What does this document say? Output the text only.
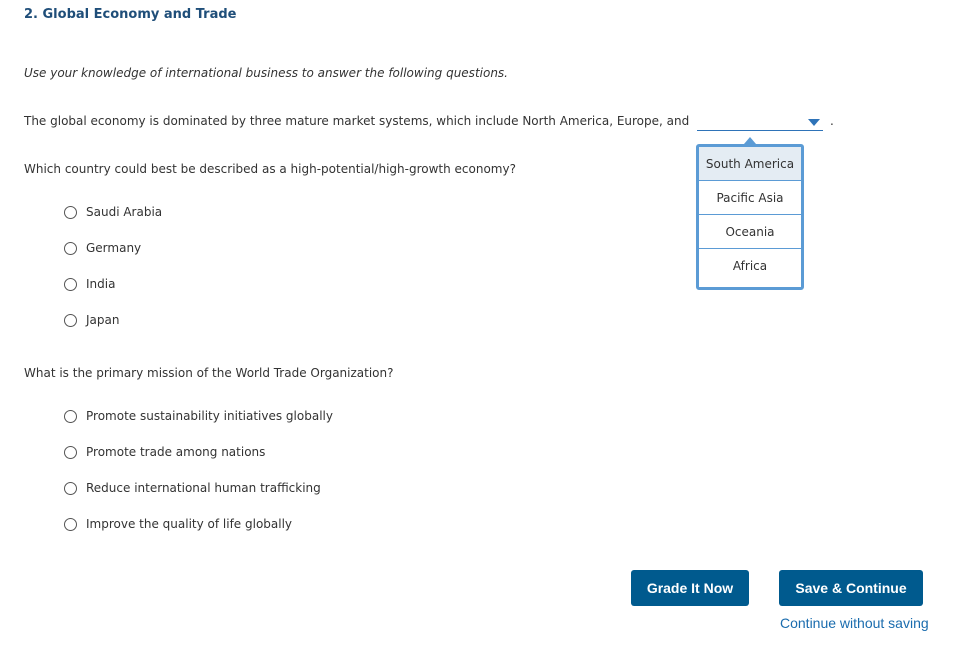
2. Global Economy and Trade
Use your knowledge of international business to answer the following questions.
The global economy is dominated by three mature market systems, which include North America, Europe, and	.
South America
Pacific Asia
Oceania
Africa
Which country could best be described as a high-potential/high-growth economy?
Saudi Arabia
Germany
India
Japan
What is the primary mission of the World Trade Organization?
Promote sustainability initiatives globally
Promote trade among nations
Reduce international human trafficking
Improve the quality of life globally
Grade It Now	Save & Continue
Continue without saving
